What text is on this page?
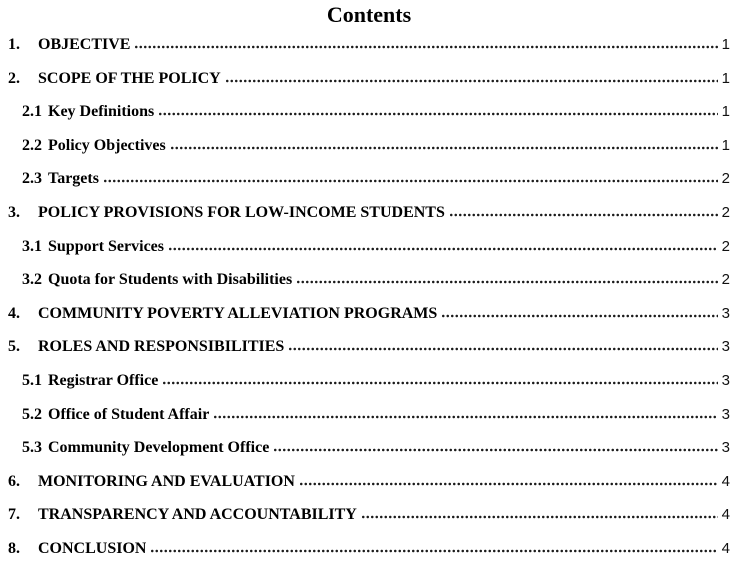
Contents
1.	OBJECTIVE	1
2.	SCOPE OF THE POLICY	1
2.1 Key Definitions	1
2.2 Policy Objectives	1
2.3 Targets	2
3.	POLICY PROVISIONS FOR LOW-INCOME STUDENTS	2
3.1 Support Services	2
3.2 Quota for Students with Disabilities	2
4.	COMMUNITY POVERTY ALLEVIATION PROGRAMS	3
5.	ROLES AND RESPONSIBILITIES	3
5.1 Registrar Office	3
5.2 Office of Student Affair	3
5.3 Community Development Office	3
6.	MONITORING AND EVALUATION	4
7.	TRANSPARENCY AND ACCOUNTABILITY	4
8.	CONCLUSION	4
